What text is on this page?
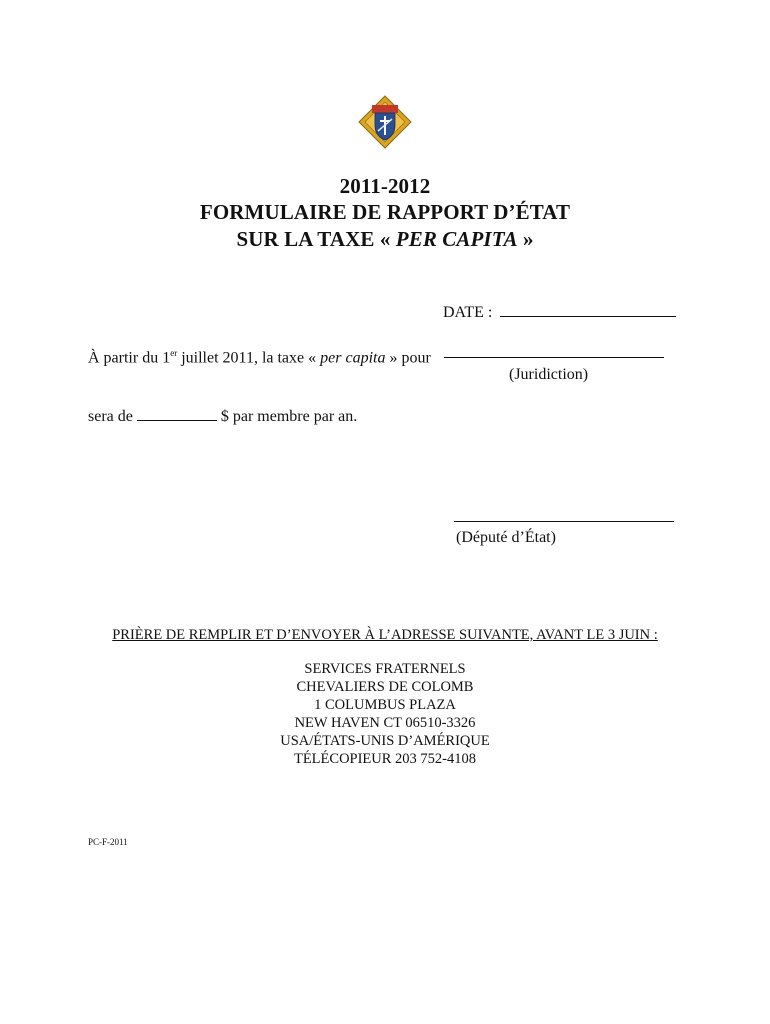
2011-2012
FORMULAIRE DE RAPPORT D’ÉTAT
SUR LA TAXE « PER CAPITA »
DATE :
À partir du 1er juillet 2011, la taxe « per capita » pour
(Juridiction)
sera de	$ par membre par an.
(Député d’État)
PRIÈRE DE REMPLIR ET D’ENVOYER À L’ADRESSE SUIVANTE, AVANT LE 3 JUIN :
SERVICES FRATERNELS
CHEVALIERS DE COLOMB
1 COLUMBUS PLAZA
NEW HAVEN CT 06510-3326
USA/ÉTATS-UNIS D’AMÉRIQUE
TÉLÉCOPIEUR 203 752-4108
PC-F-2011
